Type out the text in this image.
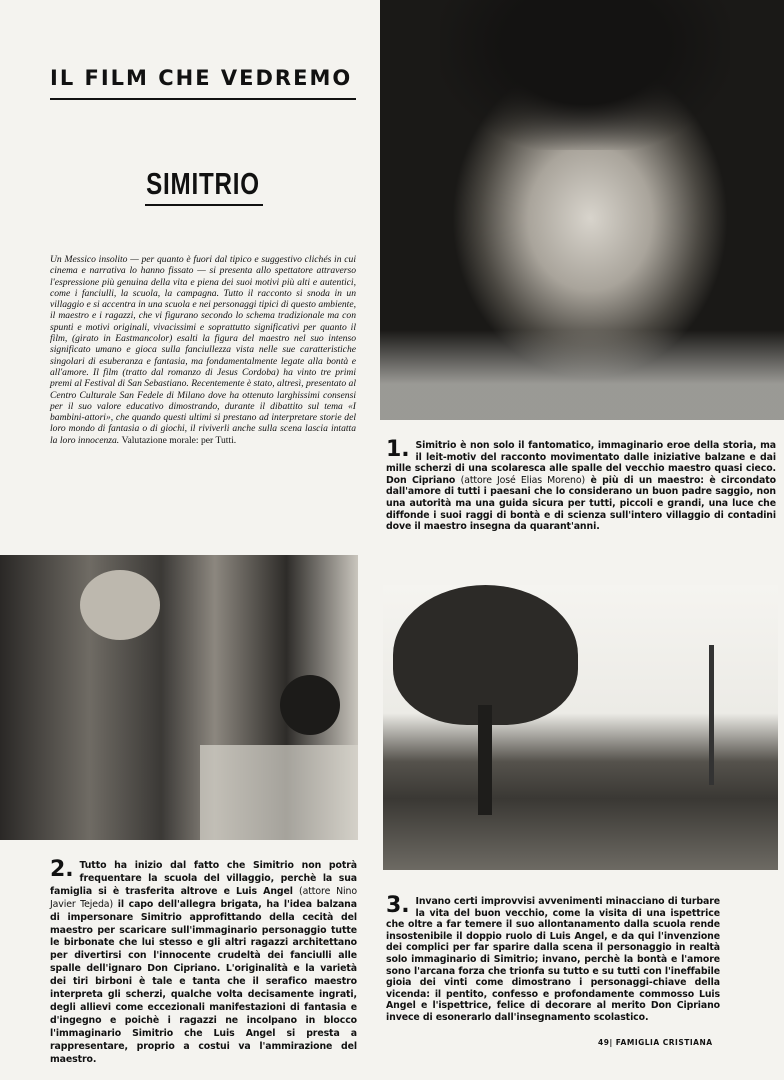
IL FILM CHE VEDREMO
SIMITRIO
Un Messico insolito — per quanto è fuori dal tipico e suggestivo clichés in cui cinema e narrativa lo hanno fissato — si presenta allo spettatore attraverso l'espressione più genuina della vita e piena dei suoi motivi più alti e autentici, come i fanciulli, la scuola, la campagna. Tutto il racconto si snoda in un villaggio e si accentra in una scuola e nei personaggi tipici di questo ambiente, il maestro e i ragazzi, che vi figurano secondo lo schema tradizionale ma con spunti e motivi originali, vivacissimi e soprattutto significativi per quanto il film, (girato in Eastmancolor) esalti la figura del maestro nel suo intenso significato umano e gioca sulla fanciullezza vista nelle sue caratteristiche singolari di esuberanza e fantasia, ma fondamentalmente legate alla bontà e all'amore. Il film (tratto dal romanzo di Jesus Cordoba) ha vinto tre primi premi al Festival di San Sebastiano. Recentemente è stato, altresì, presentato al Centro Culturale San Fedele di Milano dove ha ottenuto larghissimi consensi per il suo valore educativo dimostrando, durante il dibattito sul tema «I bambini-attori», che quando questi ultimi si prestano ad interpretare storie del loro mondo di fantasia o di giochi, il riviverli anche sulla scena lascia intatta la loro innocenza. Valutazione morale: per Tutti.	1. Simitrio è non solo il fantomatico, immaginario eroe della storia, ma il leit-motiv del racconto movimentato dalle iniziative balzane e dai mille scherzi di una scolaresca alle spalle del vecchio maestro quasi cieco. Don Cipriano (attore José Elias Moreno) è più di un maestro: è circondato dall'amore di tutti i paesani che lo considerano un buon padre saggio, non una autorità ma una guida sicura per tutti, piccoli e grandi, una luce che diffonde i suoi raggi di bontà e di scienza sull'intero villaggio di contadini dove il maestro insegna da quarant'anni.
2. Tutto ha inizio dal fatto che Simitrio non potrà frequentare la scuola del villaggio, perchè la sua famiglia si è trasferita altrove e Luis Angel (attore Nino Javier Tejeda) il capo dell'allegra brigata, ha l'idea balzana di impersonare Simitrio approfittando della cecità del maestro per scaricare sull'immaginario personaggio tutte le birbonate che lui stesso e gli altri ragazzi architettano per divertirsi con l'innocente crudeltà dei fanciulli alle spalle dell'ignaro Don Cipriano. L'originalità e la varietà dei tiri birboni è tale e tanta che il serafico maestro interpreta gli scherzi, qualche volta decisamente ingrati, degli allievi come eccezionali manifestazioni di fantasia e d'ingegno e poichè i ragazzi ne incolpano in blocco l'immaginario Simitrio che Luis Angel si presta a rappresentare, proprio a costui va l'ammirazione del maestro.
3. Invano certi improvvisi avvenimenti minacciano di turbare la vita del buon vecchio, come la visita di una ispettrice che oltre a far temere il suo allontanamento dalla scuola rende insostenibile il doppio ruolo di Luis Angel, e da qui l'invenzione dei complici per far sparire dalla scena il personaggio in realtà solo immaginario di Simitrio; invano, perchè la bontà e l'amore sono l'arcana forza che trionfa su tutto e su tutti con l'ineffabile gioia dei vinti come dimostrano i personaggi-chiave della vicenda: il pentito, confesso e profondamente commosso Luis Angel e l'ispettrice, felice di decorare al merito Don Cipriano invece di esonerarlo dall'insegnamento scolastico.
49| FAMIGLIA CRISTIANA
